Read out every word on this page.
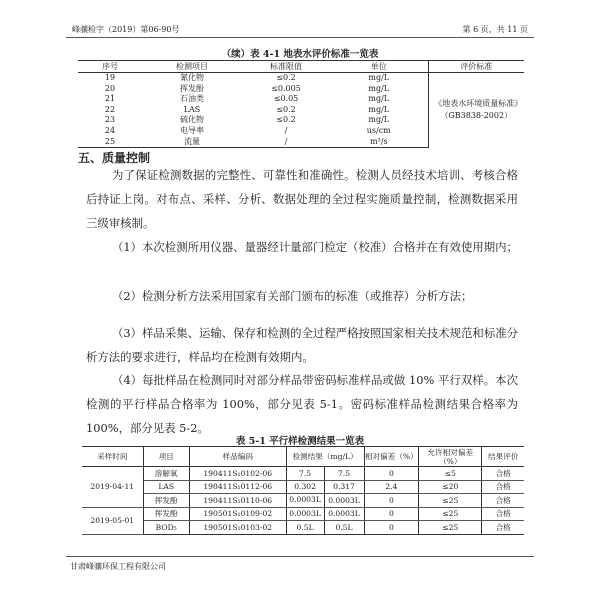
峰骧检字（2019）第06-90号	第 6 页，共 11 页
（续）表 4-1 地表水评价标准一览表
序号	检测项目	标准限值	单位	评价标准
19	氰化物	≤0.2	mg/L	《地表水环境质量标准》（GB3838-2002）
20	挥发酚	≤0.005	mg/L	
21	石油类	≤0.05	mg/L	
22	LAS	≤0.2	mg/L	
23	硫化物	≤0.2	mg/L	
24	电导率	/	us/cm	
25	流量	/	m³/s	
五、质量控制

为了保证检测数据的完整性、可靠性和准确性。检测人员经技术培训、考核合格后持证上岗。对布点、采样、分析、数据处理的全过程实施质量控制，检测数据采用三级审核制。

（1）本次检测所用仪器、量器经计量部门检定（校准）合格并在有效使用期内；

（2）检测分析方法采用国家有关部门颁布的标准（或推荐）分析方法；

（3）样品采集、运输、保存和检测的全过程严格按照国家相关技术规范和标准分析方法的要求进行，样品均在检测有效期内。

（4）每批样品在检测同时对部分样品带密码标准样品或做 10% 平行双样。本次检测的平行样品合格率为 100%，部分见表 5-1。密码标准样品检测结果合格率为 100%，部分见表 5-2。

表 5-1 平行样检测结果一览表
采样时间	项目	样品编码	检测结果（mg/L）		相对偏差（%）	允许相对偏差（%）	结果评价
2019-04-11	溶解氧	190411S₁0102-06	7.5	7.5	0	≤5	合格
	LAS	190411S₁0112-06	0.302	0.317	2.4	≤20	合格
	挥发酚	190411S₁0110-06	0.0003L	0.0003L	0	≤25	合格
2019-05-01	挥发酚	190501S₁0109-02	0.0003L	0.0003L	0	≤25	合格
	BOD₅	190501S₁0103-02	0.5L	0.5L	0	≤25	合格
甘肃峰骧环保工程有限公司
